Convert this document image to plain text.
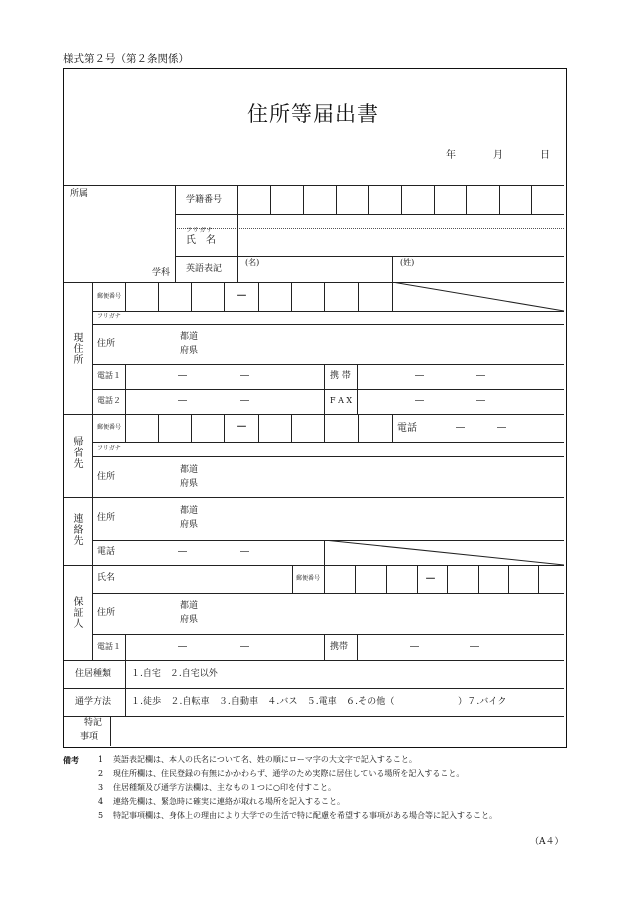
様式第２号（第２条関係）
住所等届出書
年	月	日
所属
学科
学籍番号
フリガナ
氏　名
英語表記
(名)	(姓)
現住所
郵便番号	－
フリガナ
住所
都道
府県
電話１	―	―	携 帯	―	―
電話２	―	―	F A X	―	―
帰省先
郵便番号	－	電話	―	―
フリガナ
住所
都道
府県
連絡先 住所
都道
府県
電話	―	―
保証人
氏名	郵便番号	－
住所
都道
府県
電話１	―	―	携帯	―	―
住居種類 １.自宅　２.自宅以外
通学方法 １.徒歩　２.自転車　３.自動車　４.バス　５.電車　６.その他（　　　　　　　）７.バイク
特記
事項
備考 1 英語表記欄は、本人の氏名について名、姓の順にローマ字の大文字で記入すること。
2 現住所欄は、住民登録の有無にかかわらず、通学のため実際に居住している場所を記入すること。
3 住居種類及び通学方法欄は、主なもの１つに○印を付すこと。
4 連絡先欄は、緊急時に確実に連絡が取れる場所を記入すること。
5 特記事項欄は、身体上の理由により大学での生活で特に配慮を希望する事項がある場合等に記入すること。
（A４）
